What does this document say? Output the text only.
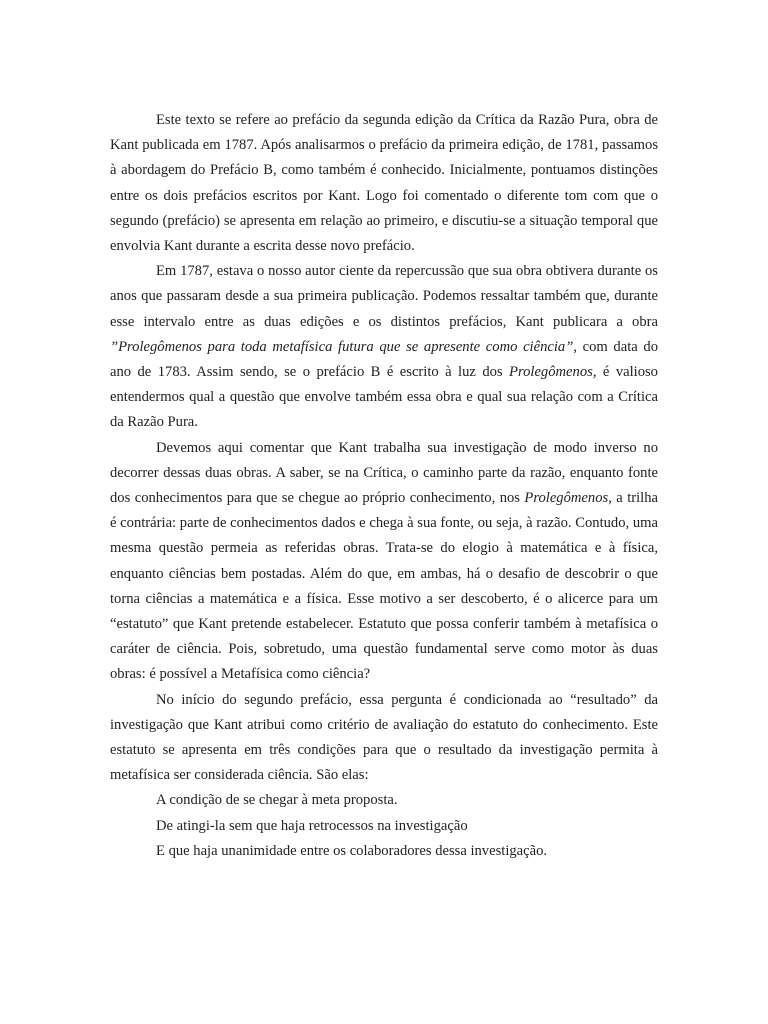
Este texto se refere ao prefácio da segunda edição da Crítica da Razão Pura, obra de Kant publicada em 1787. Após analisarmos o prefácio da primeira edição, de 1781, passamos à abordagem do Prefácio B, como também é conhecido. Inicialmente, pontuamos distinções entre os dois prefácios escritos por Kant. Logo foi comentado o diferente tom com que o segundo (prefácio) se apresenta em relação ao primeiro, e discutiu-se a situação temporal que envolvia Kant durante a escrita desse novo prefácio.

Em 1787, estava o nosso autor ciente da repercussão que sua obra obtivera durante os anos que passaram desde a sua primeira publicação. Podemos ressaltar também que, durante esse intervalo entre as duas edições e os distintos prefácios, Kant publicara a obra ”Prolegômenos para toda metafísica futura que se apresente como ciência”, com data do ano de 1783. Assim sendo, se o prefácio B é escrito à luz dos Prolegômenos, é valioso entendermos qual a questão que envolve também essa obra e qual sua relação com a Crítica da Razão Pura.

Devemos aqui comentar que Kant trabalha sua investigação de modo inverso no decorrer dessas duas obras. A saber, se na Crítica, o caminho parte da razão, enquanto fonte dos conhecimentos para que se chegue ao próprio conhecimento, nos Prolegômenos, a trilha é contrária: parte de conhecimentos dados e chega à sua fonte, ou seja, à razão. Contudo, uma mesma questão permeia as referidas obras. Trata-se do elogio à matemática e à física, enquanto ciências bem postadas. Além do que, em ambas, há o desafio de descobrir o que torna ciências a matemática e a física. Esse motivo a ser descoberto, é o alicerce para um “estatuto” que Kant pretende estabelecer. Estatuto que possa conferir também à metafísica o caráter de ciência. Pois, sobretudo, uma questão fundamental serve como motor às duas obras: é possível a Metafísica como ciência?

No início do segundo prefácio, essa pergunta é condicionada ao “resultado” da investigação que Kant atribui como critério de avaliação do estatuto do conhecimento. Este estatuto se apresenta em três condições para que o resultado da investigação permita à metafísica ser considerada ciência. São elas:

A condição de se chegar à meta proposta.

De atingi-la sem que haja retrocessos na investigação

E que haja unanimidade entre os colaboradores dessa investigação.
